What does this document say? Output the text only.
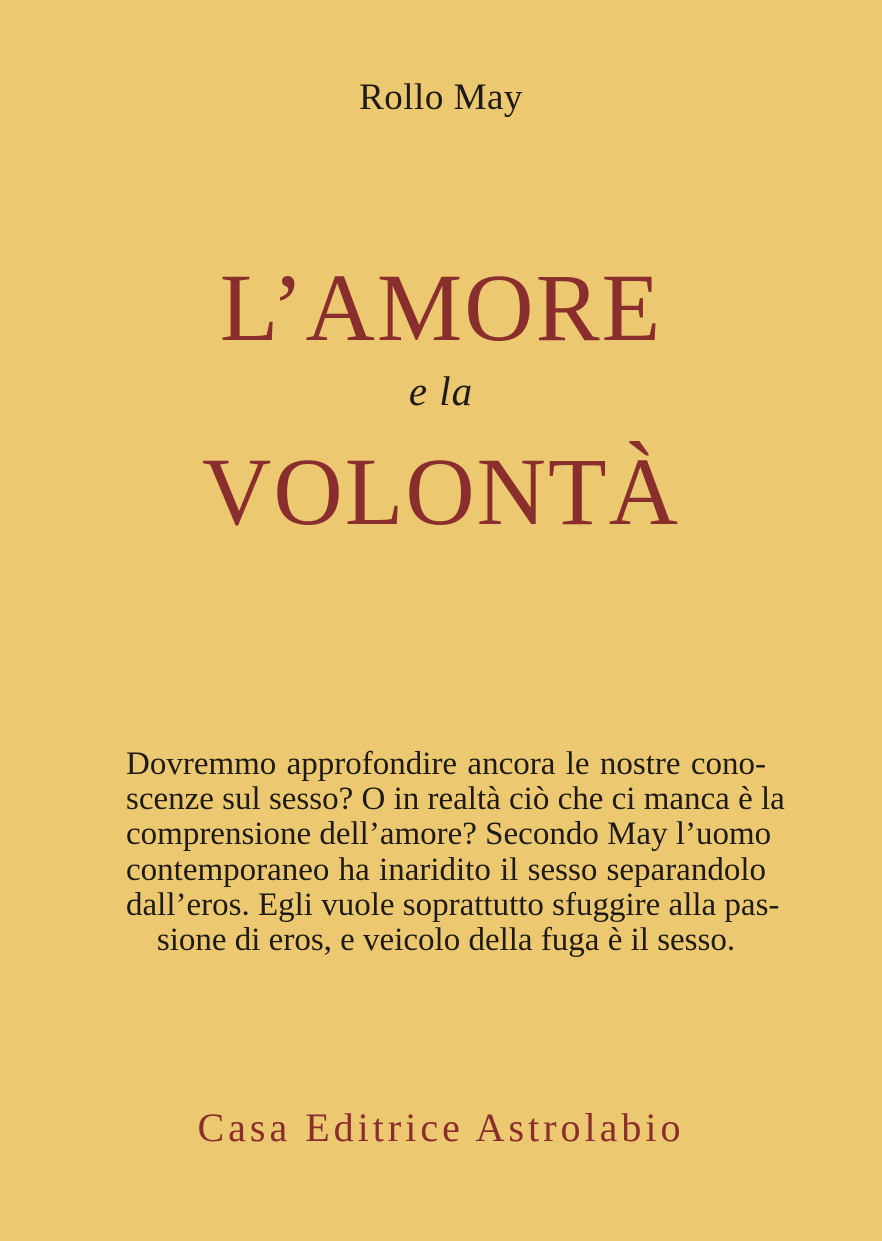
Rollo May
L’AMORE
e la
VOLONTÀ
Dovremmo approfondire ancora le nostre cono-
scenze sul sesso? O in realtà ciò che ci manca è la
comprensione dell’amore? Secondo May l’uomo
contemporaneo ha inaridito il sesso separandolo
dall’eros. Egli vuole soprattutto sfuggire alla pas-
sione di eros, e veicolo della fuga è il sesso.
Casa Editrice Astrolabio
